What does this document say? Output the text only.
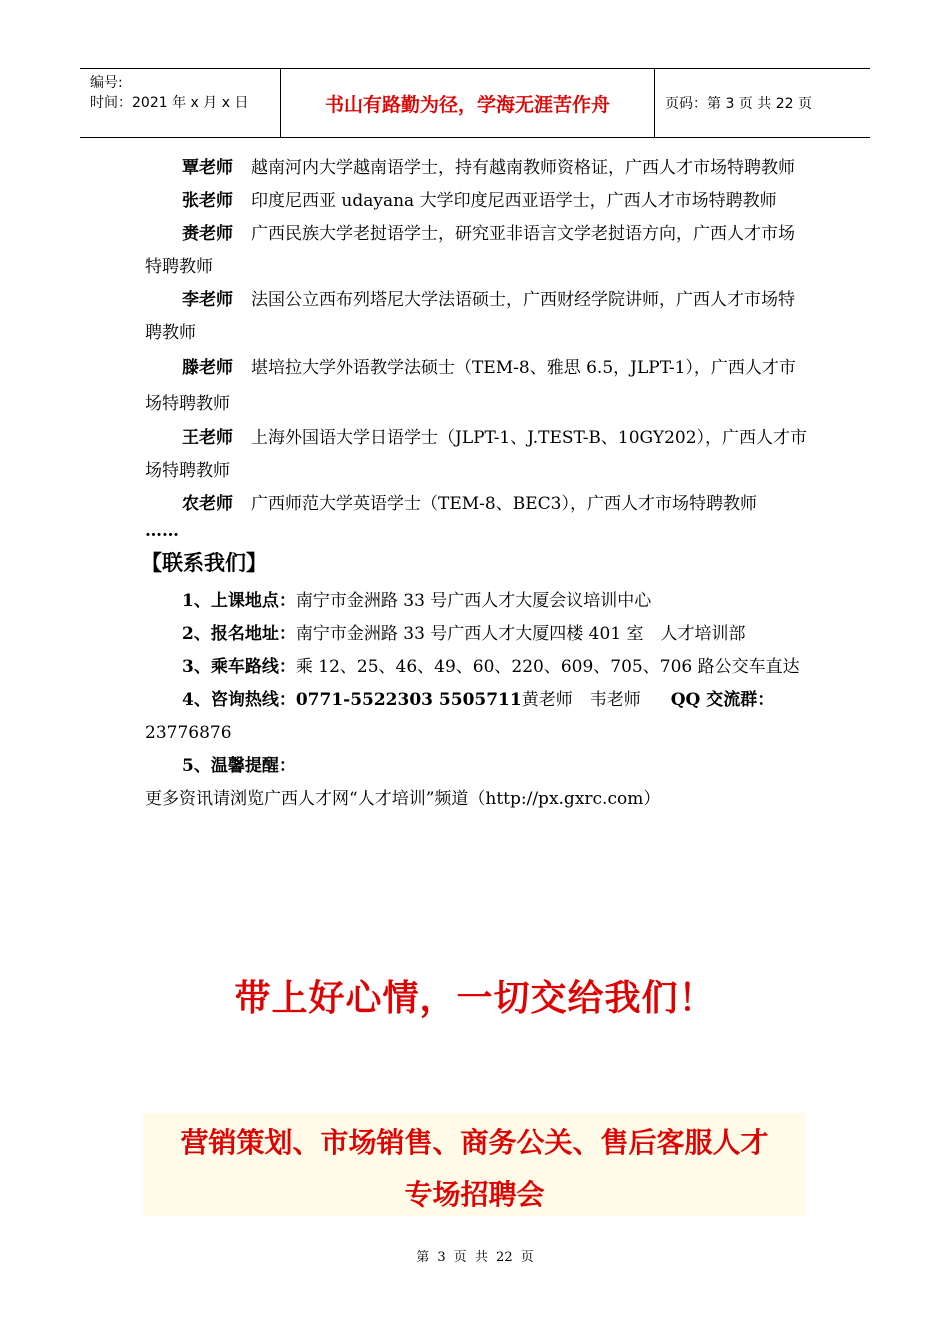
编号:
时间：2021 年 x 月 x 日	书山有路勤为径，学海无涯苦作舟	页码：第 3 页 共 22 页
覃老师 越南河内大学越南语学士，持有越南教师资格证，广西人才市场特聘教师
张老师 印度尼西亚 udayana 大学印度尼西亚语学士，广西人才市场特聘教师
赉老师 广西民族大学老挝语学士，研究亚非语言文学老挝语方向，广西人才市场特聘教师
李老师 法国公立西布列塔尼大学法语硕士，广西财经学院讲师，广西人才市场特聘教师
滕老师 堪培拉大学外语教学法硕士（TEM-8、雅思 6.5，JLPT-1），广西人才市场特聘教师
王老师 上海外国语大学日语学士（JLPT-1、J.TEST-B、10GY202），广西人才市场特聘教师
农老师 广西师范大学英语学士（TEM-8、BEC3），广西人才市场特聘教师
……
【联系我们】
1、上课地点：南宁市金洲路 33 号广西人才大厦会议培训中心
2、报名地址：南宁市金洲路 33 号广西人才大厦四楼 401 室　人才培训部
3、乘车路线：乘 12、25、46、49、60、220、609、705、706 路公交车直达
4、咨询热线：0771-5522303 5505711黄老师　韦老师 QQ 交流群：23776876
5、温馨提醒：更多资讯请浏览广西人才网“人才培训”频道（http://px.gxrc.com）
带上好心情，一切交给我们！
营销策划、市场销售、商务公关、售后客服人才
专场招聘会
第 3 页 共 22 页
